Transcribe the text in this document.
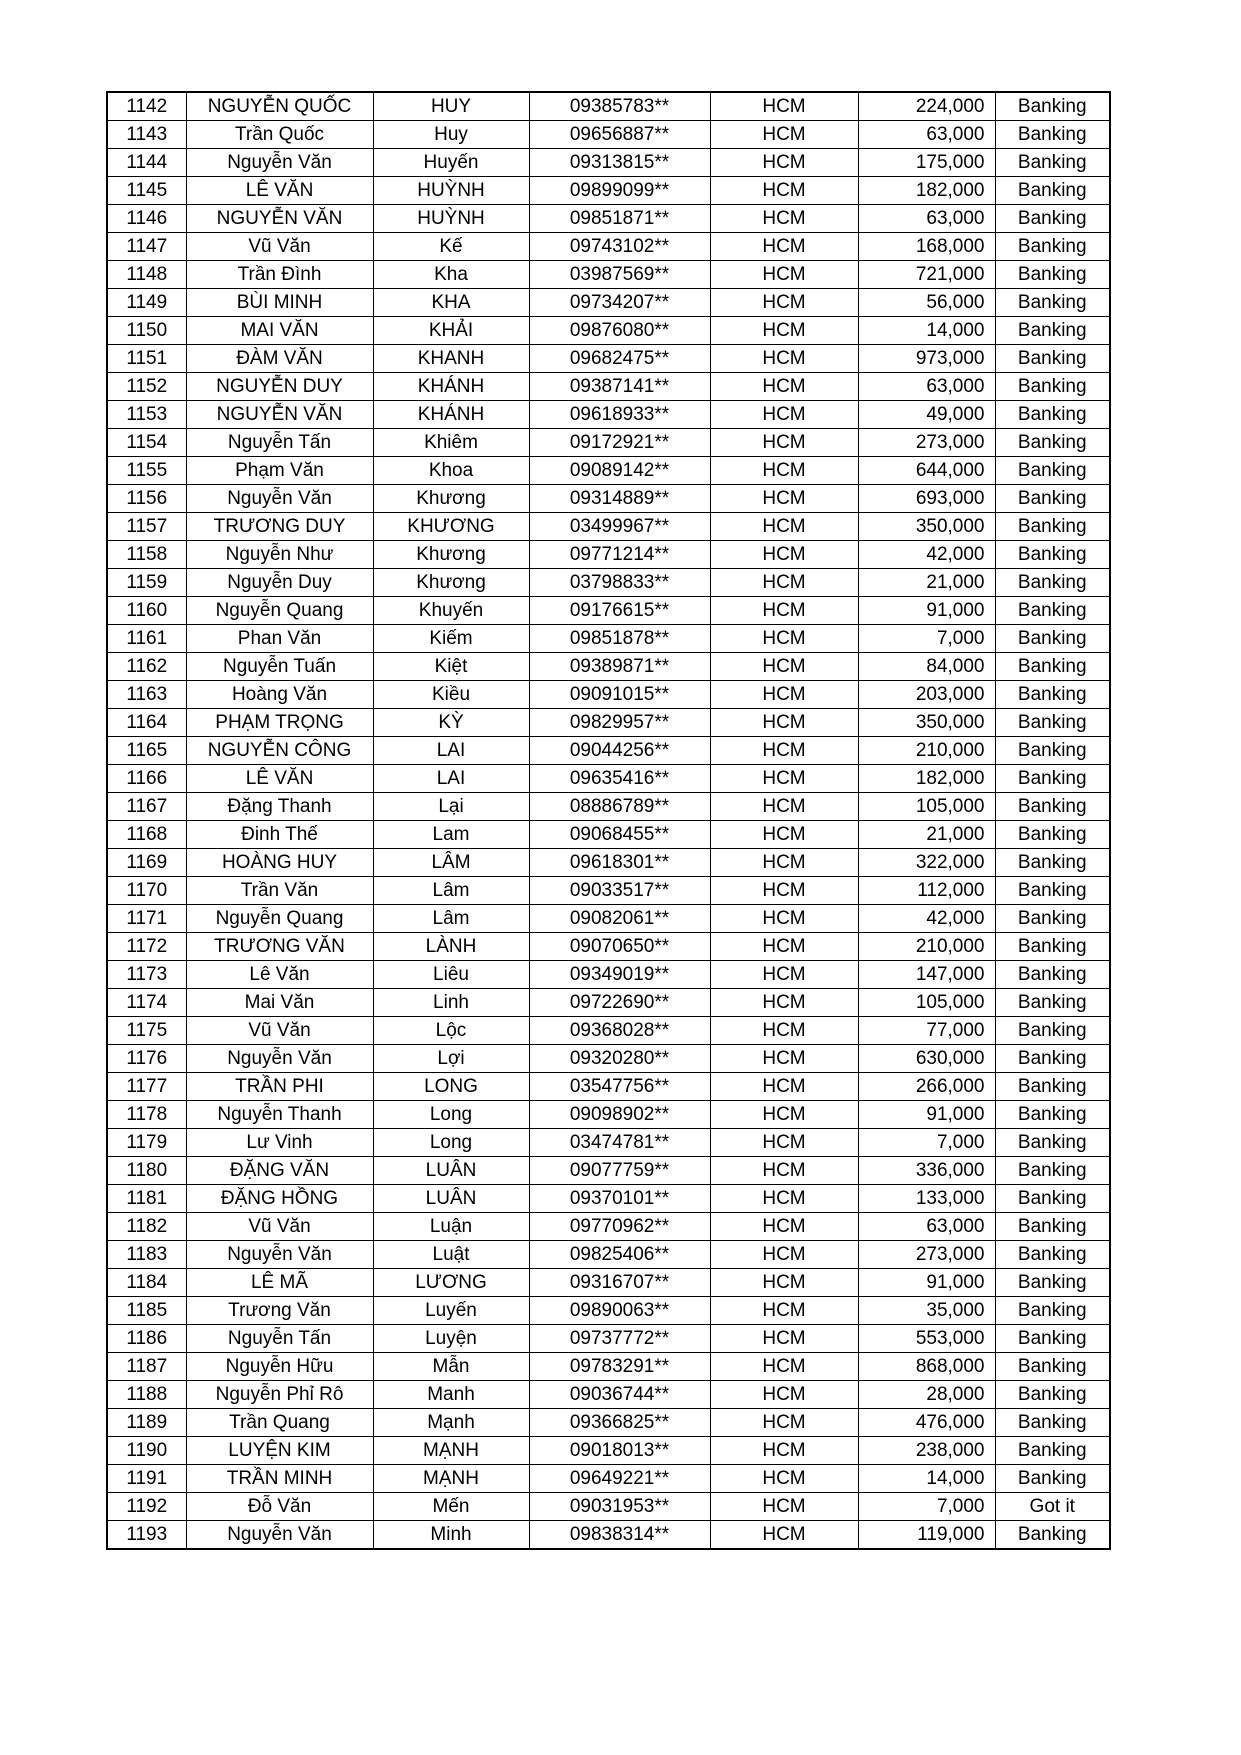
1142	NGUYỄN QUỐC	HUY	09385783**	HCM	224,000	Banking
1143	Trần Quốc	Huy	09656887**	HCM	63,000	Banking
1144	Nguyễn Văn	Huyến	09313815**	HCM	175,000	Banking
1145	LÊ VĂN	HUỲNH	09899099**	HCM	182,000	Banking
1146	NGUYỄN VĂN	HUỲNH	09851871**	HCM	63,000	Banking
1147	Vũ Văn	Kế	09743102**	HCM	168,000	Banking
1148	Trần Đình	Kha	03987569**	HCM	721,000	Banking
1149	BÙI MINH	KHA	09734207**	HCM	56,000	Banking
1150	MAI VĂN	KHẢI	09876080**	HCM	14,000	Banking
1151	ĐÀM VĂN	KHANH	09682475**	HCM	973,000	Banking
1152	NGUYỄN DUY	KHÁNH	09387141**	HCM	63,000	Banking
1153	NGUYỄN VĂN	KHÁNH	09618933**	HCM	49,000	Banking
1154	Nguyễn Tấn	Khiêm	09172921**	HCM	273,000	Banking
1155	Phạm Văn	Khoa	09089142**	HCM	644,000	Banking
1156	Nguyễn Văn	Khương	09314889**	HCM	693,000	Banking
1157	TRƯƠNG DUY	KHƯƠNG	03499967**	HCM	350,000	Banking
1158	Nguyễn Như	Khương	09771214**	HCM	42,000	Banking
1159	Nguyễn Duy	Khương	03798833**	HCM	21,000	Banking
1160	Nguyễn Quang	Khuyến	09176615**	HCM	91,000	Banking
1161	Phan Văn	Kiếm	09851878**	HCM	7,000	Banking
1162	Nguyễn Tuấn	Kiệt	09389871**	HCM	84,000	Banking
1163	Hoàng Văn	Kiều	09091015**	HCM	203,000	Banking
1164	PHẠM TRỌNG	KỲ	09829957**	HCM	350,000	Banking
1165	NGUYỄN CÔNG	LAI	09044256**	HCM	210,000	Banking
1166	LÊ VĂN	LAI	09635416**	HCM	182,000	Banking
1167	Đặng Thanh	Lại	08886789**	HCM	105,000	Banking
1168	Đinh Thế	Lam	09068455**	HCM	21,000	Banking
1169	HOÀNG HUY	LÂM	09618301**	HCM	322,000	Banking
1170	Trần Văn	Lâm	09033517**	HCM	112,000	Banking
1171	Nguyễn Quang	Lâm	09082061**	HCM	42,000	Banking
1172	TRƯƠNG VĂN	LÀNH	09070650**	HCM	210,000	Banking
1173	Lê Văn	Liêu	09349019**	HCM	147,000	Banking
1174	Mai Văn	Linh	09722690**	HCM	105,000	Banking
1175	Vũ Văn	Lộc	09368028**	HCM	77,000	Banking
1176	Nguyễn Văn	Lợi	09320280**	HCM	630,000	Banking
1177	TRẦN PHI	LONG	03547756**	HCM	266,000	Banking
1178	Nguyễn Thanh	Long	09098902**	HCM	91,000	Banking
1179	Lư Vinh	Long	03474781**	HCM	7,000	Banking
1180	ĐẶNG VĂN	LUÂN	09077759**	HCM	336,000	Banking
1181	ĐẶNG HỒNG	LUÂN	09370101**	HCM	133,000	Banking
1182	Vũ Văn	Luận	09770962**	HCM	63,000	Banking
1183	Nguyễn Văn	Luật	09825406**	HCM	273,000	Banking
1184	LÊ MÃ	LƯƠNG	09316707**	HCM	91,000	Banking
1185	Trương Văn	Luyến	09890063**	HCM	35,000	Banking
1186	Nguyễn Tấn	Luyện	09737772**	HCM	553,000	Banking
1187	Nguyễn Hữu	Mẫn	09783291**	HCM	868,000	Banking
1188	Nguyễn Phỉ Rô	Manh	09036744**	HCM	28,000	Banking
1189	Trần Quang	Mạnh	09366825**	HCM	476,000	Banking
1190	LUYỆN KIM	MẠNH	09018013**	HCM	238,000	Banking
1191	TRẦN MINH	MẠNH	09649221**	HCM	14,000	Banking
1192	Đỗ Văn	Mến	09031953**	HCM	7,000	Got it
1193	Nguyễn Văn	Minh	09838314**	HCM	119,000	Banking
